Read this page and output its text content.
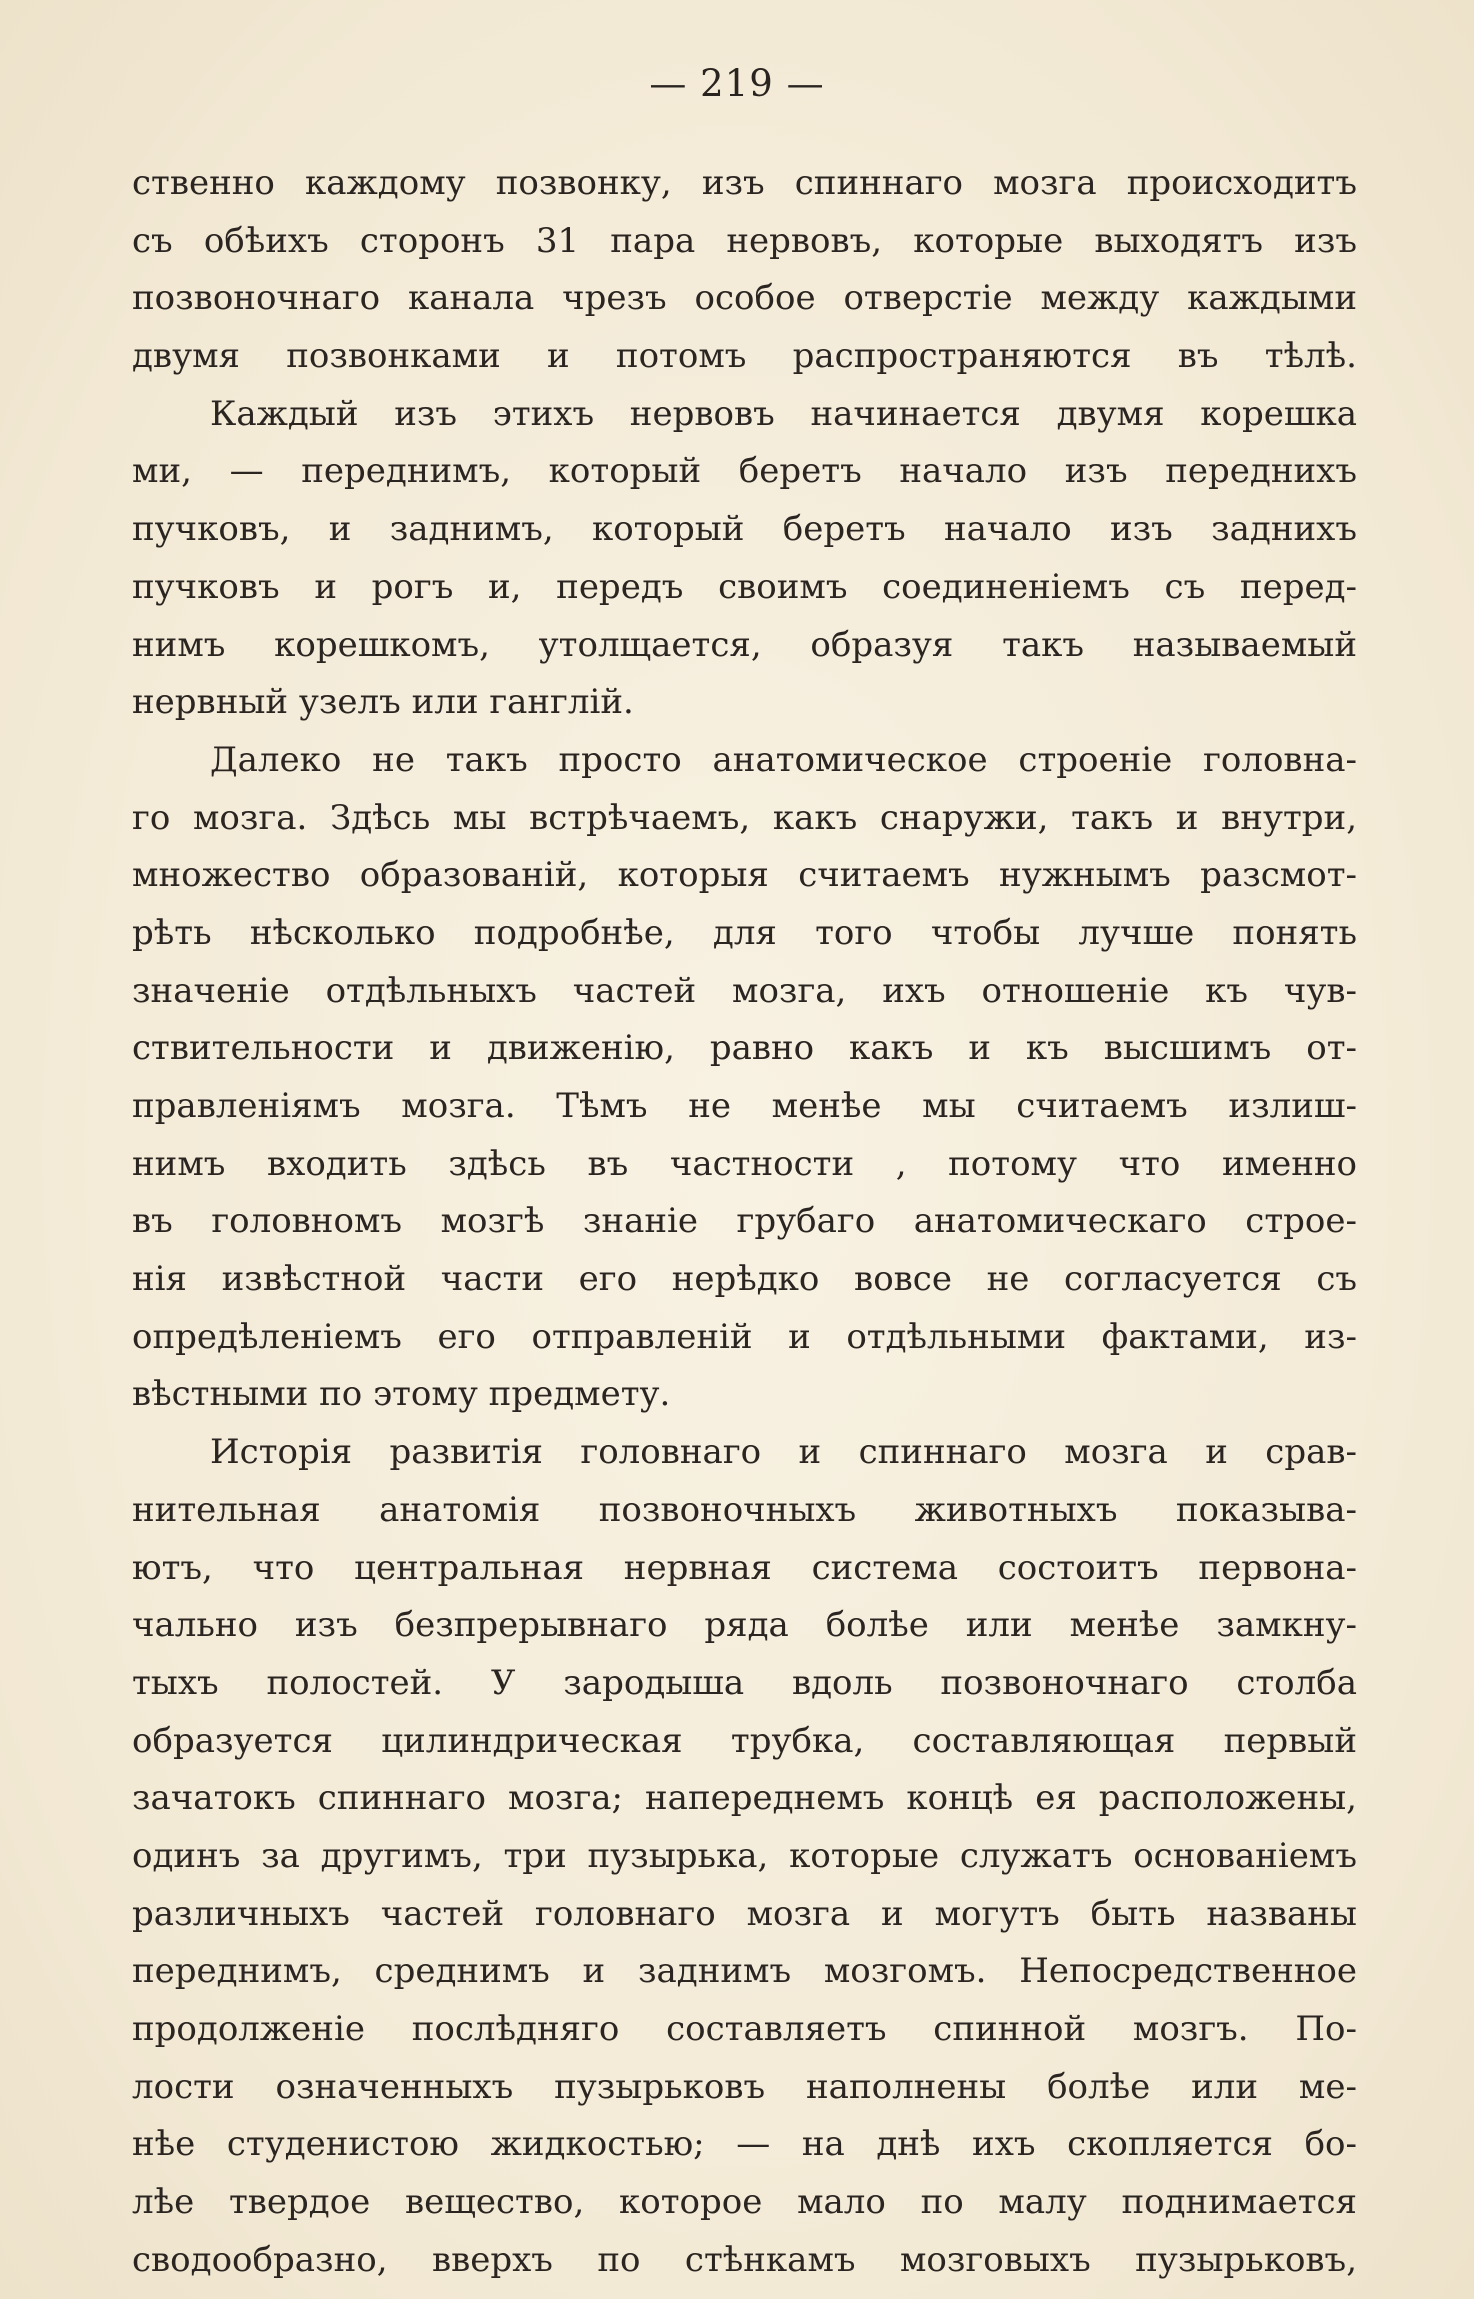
— 219 —
ственно каждому позвонку, изъ спиннаго мозга происходитъ
съ обѣихъ сторонъ 31 пара нервовъ, которые выходятъ изъ
позвоночнаго канала чрезъ особое отверстіе между каждыми
двумя позвонками и потомъ распространяются въ тѣлѣ.
Каждый изъ этихъ нервовъ начинается двумя корешка
ми, — переднимъ, который беретъ начало изъ переднихъ
пучковъ, и заднимъ, который беретъ начало изъ заднихъ
пучковъ и рогъ и, передъ своимъ соединеніемъ съ перед-
нимъ корешкомъ, утолщается, образуя такъ называемый
нервный узелъ или ганглій.
Далеко не такъ просто анатомическое строеніе головна-
го мозга. Здѣсь мы встрѣчаемъ, какъ снаружи, такъ и внутри,
множество образованій, которыя считаемъ нужнымъ разсмот-
рѣть нѣсколько подробнѣе, для того чтобы лучше понять
значеніе отдѣльныхъ частей мозга, ихъ отношеніе къ чув-
ствительности и движенію, равно какъ и къ высшимъ от-
правленіямъ мозга. Тѣмъ не менѣе мы считаемъ излиш-
нимъ входить здѣсь въ частности , потому что именно
въ головномъ мозгѣ знаніе грубаго анатомическаго строе-
нія извѣстной части его нерѣдко вовсе не согласуется съ
опредѣленіемъ его отправленій и отдѣльными фактами, из-
вѣстными по этому предмету.
Исторія развитія головнаго и спиннаго мозга и срав-
нительная анатомія позвоночныхъ животныхъ показыва-
ютъ, что центральная нервная система состоитъ первона-
чально изъ безпрерывнаго ряда болѣе или менѣе замкну-
тыхъ полостей. У зародыша вдоль позвоночнаго столба
образуется цилиндрическая трубка, составляющая первый
зачатокъ спиннаго мозга; напереднемъ концѣ ея расположены,
одинъ за другимъ, три пузырька, которые служатъ основаніемъ
различныхъ частей головнаго мозга и могутъ быть названы
переднимъ, среднимъ и заднимъ мозгомъ. Непосредственное
продолженіе послѣдняго составляетъ спинной мозгъ. По-
лости означенныхъ пузырьковъ наполнены болѣе или ме-
нѣе студенистою жидкостью; — на днѣ ихъ скопляется бо-
лѣе твердое вещество, которое мало по малу поднимается
сводообразно, вверхъ по стѣнкамъ мозговыхъ пузырьковъ,
